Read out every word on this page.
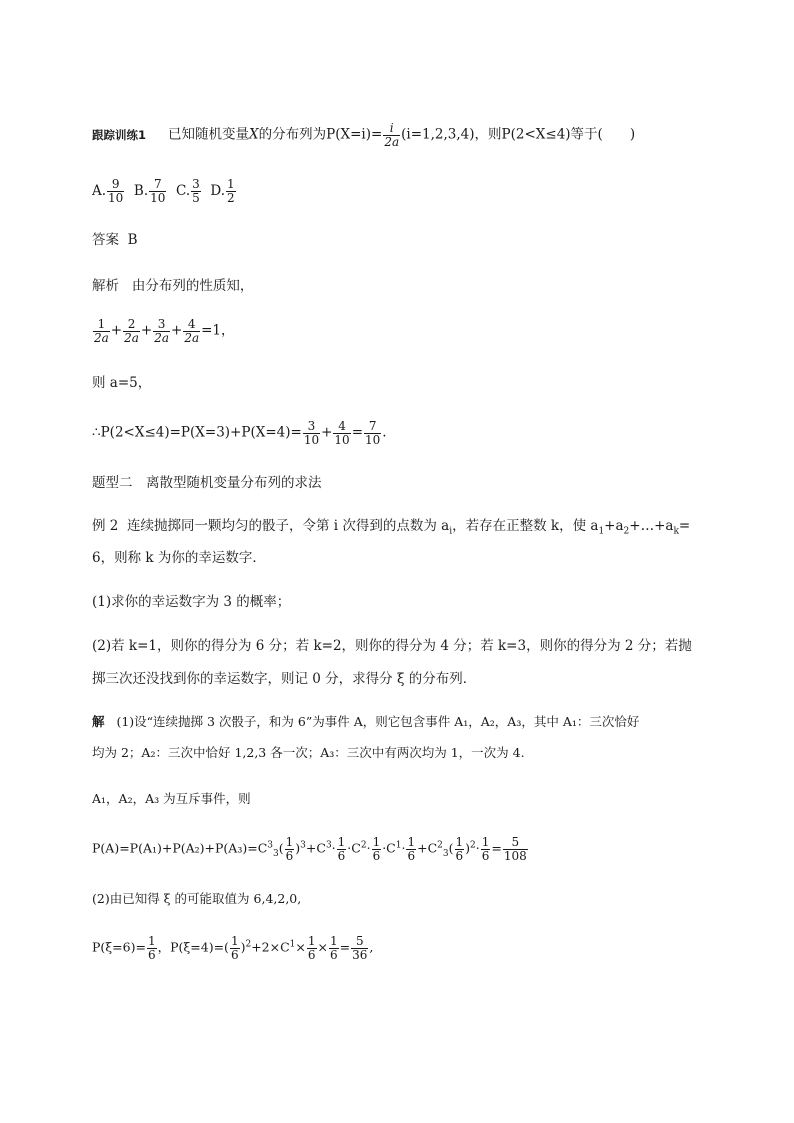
跟踪训练1 已知随机变量X的分布列为$P(X=i)= \frac{i}{2a} (i=1,2,3,4)$，则P(2<X≤4)等于(　　)
A. $\frac{9}{10} B$. $\frac{7}{10} C$. $\frac{3}{5} D$. $\frac{1}{2}$
答案 B
解析 由分布列的性质知，
$\frac{1}{2a} + \frac{2}{2a} + \frac{3}{2a} + \frac{4}{2a} =1$，
则 a=5，
∴P(2<X≤4)=P(X=3)+P(X=4)= $\frac{3}{10} + \frac{4}{10} = \frac{7}{10}$ .
题型二　离散型随机变量分布列的求法
例 2 连续抛掷同一颗均匀的骰子，令第 i 次得到的点数为 $a_i$，若存在正整数 k，使 $a_1+a_2+\dots+a_k=$
6，则称 k 为你的幸运数字．
(1)求你的幸运数字为 3 的概率；
(2)若 k=1，则你的得分为 6 分；若 k=2，则你的得分为 4 分；若 k=3，则你的得分为 2 分；若抛
掷三次还没找到你的幸运数字，则记 0 分，求得分 ξ 的分布列．
解 (1)设“连续抛掷 3 次骰子，和为 6”为事件 A，则它包含事件 A₁，A₂，A₃，其中 A₁：三次恰好
均为 2；A₂：三次中恰好 1,2,3 各一次；A₃：三次中有两次均为 1，一次为 4.
A₁，A₂，A₃ 为互斥事件，则
$P(A)=P(A_1)+P(A_2)+P(A_3)=C^3_3( \frac{1}{6} )^3+C^3\cdot \frac{1}{6} \cdot C^2\cdot \frac{1}{6} \cdot C^1\cdot \frac{1}{6} +C^2_3( \frac{1}{6} )^2\cdot \frac{1}{6} = \frac{5}{108}$
(2)由已知得 ξ 的可能取值为 6,4,2,0,
$P(\xi=6)= \frac{1}{6}$ ，$P(\xi=4)=( \frac{1}{6} )^2+2\times C^1\times \frac{1}{6} \times \frac{1}{6} = \frac{5}{36}$ ,
